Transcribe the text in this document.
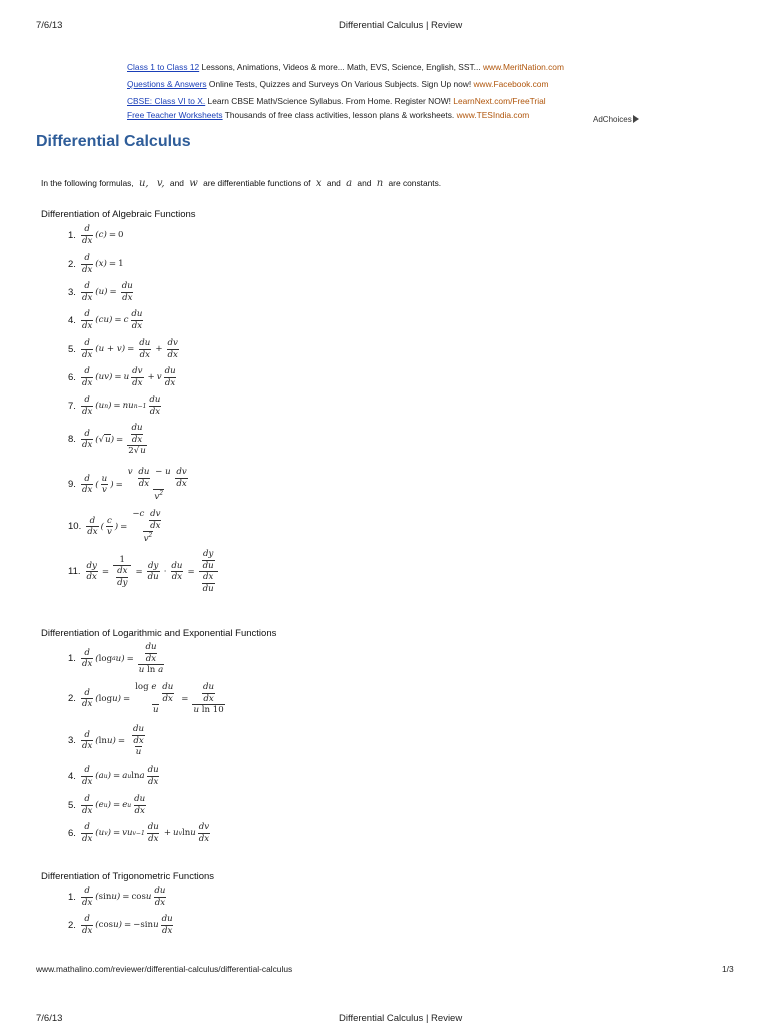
7/6/13	Differential Calculus | Review
Class 1 to Class 12 Lessons, Animations, Videos & more... Math, EVS, Science, English, SST... www.MeritNation.com
Questions & Answers Online Tests, Quizzes and Surveys On Various Subjects. Sign Up now! www.Facebook.com
CBSE: Class VI to X. Learn CBSE Math/Science Syllabus. From Home. Register NOW! LearnNext.com/FreeTrial
Free Teacher Worksheets Thousands of free class activities, lesson plans & worksheets. www.TESIndia.com	AdChoices
Differential Calculus
In the following formulas, u, v, and w are differentiable functions of x and a and n are constants.
Differentiation of Algebraic Functions
1. $\frac{d}{dx} (c) = 0$
2. $\frac{d}{dx} (x) = 1$
3. $\frac{d}{dx} (u) = \frac{du}{dx}$
4. $\frac{d}{dx} (cu) = c \frac{du}{dx}$
5. $\frac{d}{dx} (u + v) = \frac{du}{dx} + \frac{dv}{dx}$
6. $\frac{d}{dx} (uv) = u \frac{dv}{dx} + v \frac{du}{dx}$
7.
d
dx
(u n ) = nu n−1
du
dx
8.
d
dx
( √ u ) = $\frac{du}{dx}$
2√u
9.
d
dx
( $\frac{u}{v}$ ) =
v $\frac{du}{dx} - u \frac{dv}{dx}$
$v^2$
10.
d
dx
( $\frac{c}{v}$ ) =
$-c \frac{dv}{dx}$
$v^2$
11. $\frac{dy}{dx}$ =
1
$\frac{dx}{dy} = \frac{dy}{du} \cdot \frac{du}{dx}$ =
$\frac{dy}{du}$
$\frac{dx}{du}$
Differentiation of Logarithmic and Exponential Functions
1.
d
dx
( log a $u) = \frac{du}{dx}$
u ln a
2.
d
dx
( log u) =
log e $\frac{du}{dx}$
u
= $\frac{du}{dx}$
u ln 10
3.
d
dx
( $\ln u) = \frac{du}{dx}$
u
4.
d
dx
(a u ) = a u ln a
du
dx
5.
d
dx
(e u ) = e u
du
dx
6.
d
dx
(u v ) = vu v−1
du
dx
+ u v ln u
dv
dx
Differentiation of Trigonometric Functions
1.
d
dx
( sin u) = cos u
du
dx
2.
d
dx
( cos u) = − sin u
du
dx
www.mathalino.com/reviewer/differential-calculus/differential-calculus	1/3
7/6/13	Differential Calculus | Review
